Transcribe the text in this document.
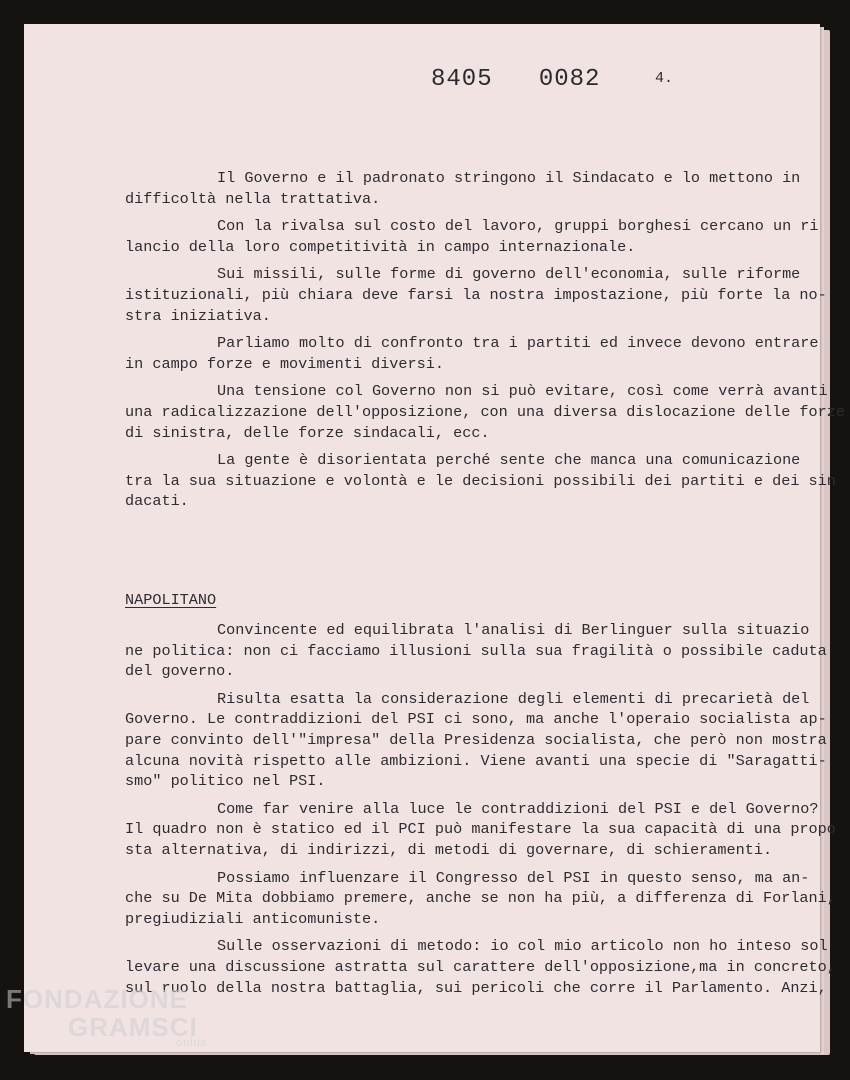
8405   0082	4.

Il Governo e il padronato stringono il Sindacato e lo mettono in
difficoltà nella trattativa.

Con la rivalsa sul costo del lavoro, gruppi borghesi cercano un ri
lancio della loro competitività in campo internazionale.

Sui missili, sulle forme di governo dell'economia, sulle riforme
istituzionali, più chiara deve farsi la nostra impostazione, più forte la no-
stra iniziativa.

Parliamo molto di confronto tra i partiti ed invece devono entrare
in campo forze e movimenti diversi.

Una tensione col Governo non si può evitare, così come verrà avanti
una radicalizzazione dell'opposizione, con una diversa dislocazione delle forze
di sinistra, delle forze sindacali, ecc.

La gente è disorientata perché sente che manca una comunicazione
tra la sua situazione e volontà e le decisioni possibili dei partiti e dei sin
dacati.

NAPOLITANO

Convincente ed equilibrata l'analisi di Berlinguer sulla situazio
ne politica: non ci facciamo illusioni sulla sua fragilità o possibile caduta
del governo.

Risulta esatta la considerazione degli elementi di precarietà del
Governo. Le contraddizioni del PSI ci sono, ma anche l'operaio socialista ap-
pare convinto dell'"impresa" della Presidenza socialista, che però non mostra
alcuna novità rispetto alle ambizioni. Viene avanti una specie di "Saragatti-
smo" politico nel PSI.

Come far venire alla luce le contraddizioni del PSI e del Governo?
Il quadro non è statico ed il PCI può manifestare la sua capacità di una propo
sta alternativa, di indirizzi, di metodi di governare, di schieramenti.

Possiamo influenzare il Congresso del PSI in questo senso, ma an-
che su De Mita dobbiamo premere, anche se non ha più, a differenza di Forlani,
pregiudiziali anticomuniste.

Sulle osservazioni di metodo: io col mio articolo non ho inteso sol
levare una discussione astratta sul carattere dell'opposizione,ma in concreto,
sul ruolo della nostra battaglia, sui pericoli che corre il Parlamento. Anzi,

FONDAZIONE
GRAMSCI
onlus
